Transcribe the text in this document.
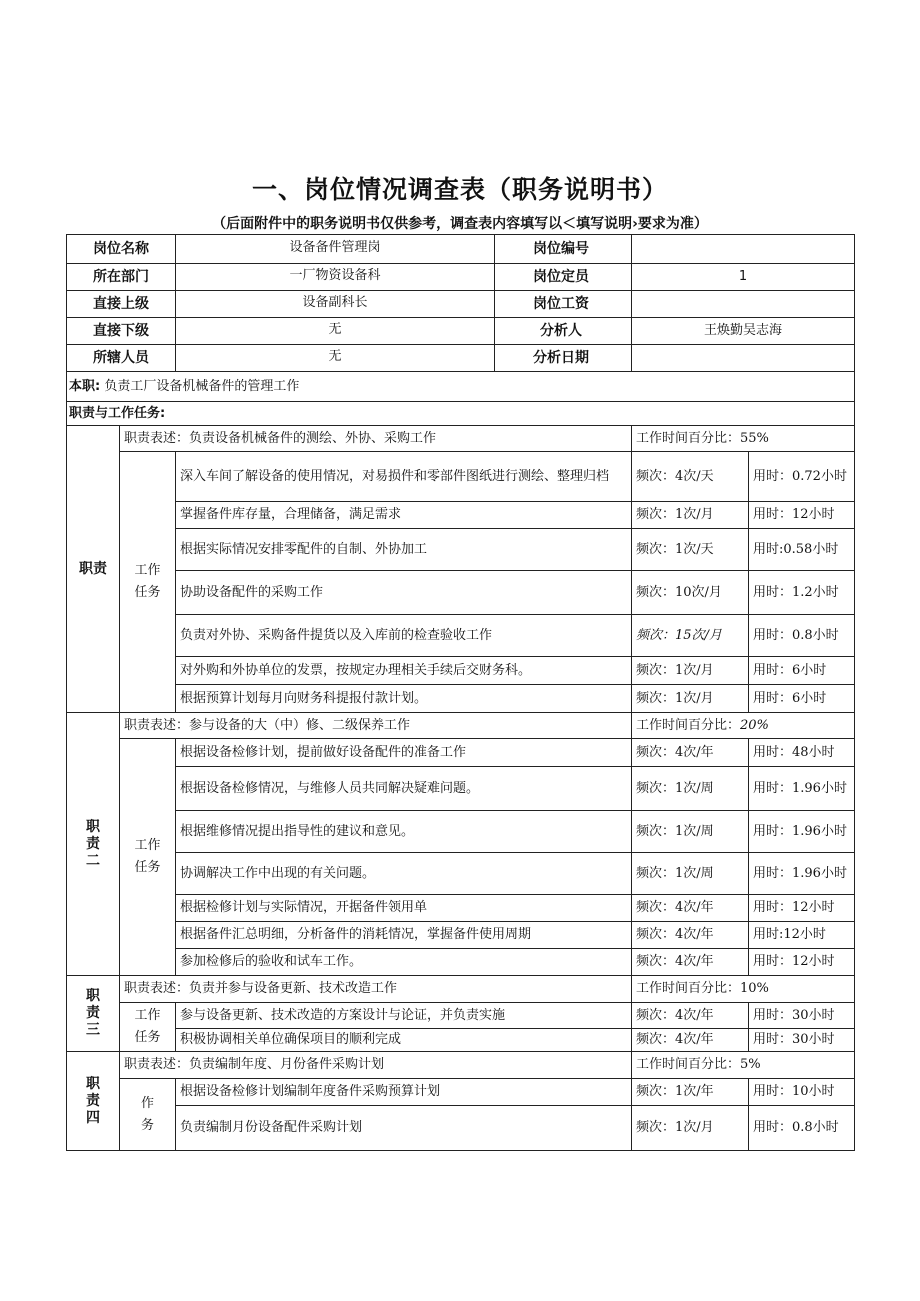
一、岗位情况调查表（职务说明书）
（后面附件中的职务说明书仅供参考，调查表内容填写以＜填写说明›要求为准）
岗位名称		设备备件管理岗 岗位编号		

所在部门		一厂物资设备科 岗位定员	1	
直接上级		设备副科长 岗位工资		

直接下级		无 分析人	王焕勤吴志海	
所辖人员		无 分析日期		

本职: 负责工厂设备机械备件的管理工作				
职责与工作任务:				
职责	职责表述：负责设备机械备件的测绘、外协、采购工作		工作时间百分比：55%	
	工作任务	深入车间了解设备的使用情况，对易损件和零部件图纸进行测绘、整理归档	频次：4次/天	用时：0.72小时
		掌握备件库存量，合理储备，满足需求	频次：1次/月	用时：12小时
		根据实际情况安排零配件的自制、外协加工	频次：1次/天	用时:0.58小时
		协助设备配件的采购工作	频次：10次/月	用时：1.2小时
		负责对外协、采购备件提货以及入库前的检查验收工作	频次：15次/月	用时：0.8小时
		对外购和外协单位的发票，按规定办理相关手续后交财务科。	频次：1次/月	用时：6小时
		根据预算计划每月向财务科提报付款计划。	频次：1次/月	用时：6小时
职责二	职责表述：参与设备的大（中）修、二级保养工作		工作时间百分比：20%	
	工作任务	根据设备检修计划，提前做好设备配件的准备工作	频次：4次/年	用时：48小时
		根据设备检修情况，与维修人员共同解决疑难问题。	频次：1次/周	用时：1.96小时
		根据维修情况提出指导性的建议和意见。	频次：1次/周	用时：1.96小时
		协调解决工作中出现的有关问题。	频次：1次/周	用时：1.96小时
		根据检修计划与实际情况，开据备件领用单	频次：4次/年	用时：12小时
		根据备件汇总明细，分析备件的消耗情况，掌握备件使用周期	频次：4次/年	用时:12小时
		参加检修后的验收和试车工作。	频次：4次/年	用时：12小时
职责三	职责表述：负责并参与设备更新、技术改造工作		工作时间百分比：10%	
	工作任务	参与设备更新、技术改造的方案设计与论证，并负责实施	频次：4次/年	用时：30小时
		积极协调相关单位确保项目的顺利完成	频次：4次/年	用时：30小时
职责四	职责表述：负责编制年度、月份备件采购计划		工作时间百分比：5%	
	作务	根据设备检修计划编制年度备件采购预算计划	频次：1次/年	用时：10小时
		负责编制月份设备配件采购计划	频次：1次/月	用时：0.8小时
